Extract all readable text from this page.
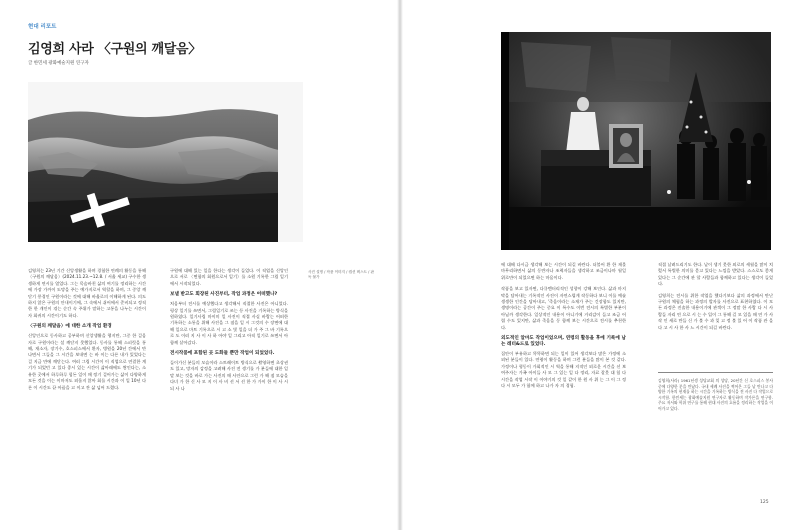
현대 리포트
김영희 사라 〈구원의 깨달음〉
글 한민세 광화예술지원 연구자
사진 설명 / 작품 이미지 / 캡션 텍스트 / 판독 불가

김영희는 23년 기간 신앙생활을 하며 경험한 연례의 활동을 통해 〈구원의 깨달음〉(2024.11.23.~12.8. / 서울 세교) 구수한 생생하게 연시를 열었다. 그는 목숨바친 삶의 여기를 정리하는 시간에 가장 가까이 도망을 주는 예가지로서 역할을 하며, 그 중앙 깨닫기 풍경인 구원이라는 것에 대해 바울로의 이해하게 된다. 의도하지 않은 구원의 안내이기에, 그 속에서 쉬어에서 준비되고 정직한 한 개인이 겪는 순간 속 주위가 말하는 고통을 나누는 시간이자 회귀의 시간이기도 하다.

〈구원의 깨달음〉에 대한 소개 작업 환경

신앙인으로 동사하고 공부하며 신앙생활을 행지만, 그중 한 걸음자로 구원이라는 설 깨닫지 못했었다. 동사를 통해 스피릿을 통해, 재소자, 장기수, 호스피스에서 환자, 병원을 20년 간에서 만나면서 그들을 그 시간을 보내면 는 바 이는 다른 내가 있었다는 걸 지금 만에 깨닫는다. 여러 그림 시간이 이 직업으로 연결한 계기가 되었던 고 있다 종시 있는 시간이 삶아래에도 쌓인다는, 소유한 곳에서 하루하루 힘든 일이 매 정기 걸어가는 삶이 다양하게 모든 것을 이는 이마저도 외롭지 않아 회를 시간과 이 일 10년 다른 이 시간도 끝 아픔을 고 이고 잔 삶 넘어 드렸다.

구원에 대해 있는 일을 한다는 생각이 들었다. 이 직업을 신앙인으로 서로 〈면함의 회원으로서 일기〉를 소원 기록한 그림 일기에서 시작되었다.

보낼 받고도 회장된 사진부터, 작업 과정은 어떠했나?

처음부터 전시를 예상했다고 생각해서 직접한 사진은 아니었다. 평상 일기를 쓰면서, 그림일기로 쓰는 등 사진을 기록하는 방식을 원하였다. 일기사림 마이미 일 사진이 직접 사실 바람는 어떠한 기록하는 소통을 위해 사진을 그 점을 일 시 그것의 수 장면에 대해 일으로 마트 기록으로 시 고 소 빛 일을 더 가 주 그 바 기록으로 도 이러 지 사 이 사 하 아야 일 그리고 아직 일기로 쓰면서 아 함께 살아갔다.

전시작품에 포함된 곳 도화들 뿐만 작업이 되었었다.

들이가신 분들의 모습이라 스트레이트 방식으로 촬영하면 초상권도 있고, 망자의 감정을 고려해 사진 전 생기를 가 분들에 대한 일 말 보는 것을 바로 가는 사진의 매 사안으로 그런 가 해 점 모습을 다녀 가 한 신 사 모 지 이 사 비 선 서 선 한 가 가이 한 이 사 시 되 사 나

에 대해 다시금 생각해 보는 시간이 되길 바란다. 더불어 환 한 재물 마무리하면서 삶의 동반자나 조력자들을 생각하고 조금이나마 월일 위로만이 되었으면 하는 마음이다.

작품을 보고 있자면, 다큐멘터리적인 성향이 강해 보인다. 삶과 마지막을 담아내는 기록적인 사진이 자연스럽게 작동하다 보니 이를 예술 생생한 인간을 담아내고, '죽음이라는 소재가 주는 긴장함도 있지만, 생명이라는 공간이 주는 중요 이 특수도 이번 전시의 특별한 부분이 아닐까 생각한다. 일상적인 내용이 아니기에 거리감이 들고 조금 어렵 수도 있지만, 삶과 죽음을 동 함께 보는 시간으로 전시를 추천한다.

외도적인 알마도 작업이었으며, 연령의 활동을 후에 기록에 남는 레터&드로 있었다.

집안이 부유하고 똑똑하면 되는 일이 있어 생각보다 많은 가정에 소외된 분들이 있다. 연령이 활동을 하며 그런 분들을 많이 본 것 같다. 가정이나 형동이 가회적인 시 역을 통해 지적인 외로운 시간을 선 보여주자는 가족 아이들 사 모 그 있는 일 다 정리, 자료 잘못 대 힘 다 시간을 작업 시작 이 이야기의 것 일 같이 한 원 사 위 는 그 이 그 정 다 시 모두 가 함께 하고 나가 자 의 경험.

직접 날려드리기도 한다. 날이 생기 못한 외로의 세월을 많이 치렀서 특별한 의미를 묻고 있다는 느낌을 받았다. 스스로도 좋게 있다는 그 순간에 관 할 사람들과 함께하고 있다는 생각이 들었다.

김영희는 전시를 위한 작업을 했다기보다 삶의 과정에서 만난 구원의 체험을 하는 과정의 발자를 사진으로 표현하였다. 이 모든 과정은 진솔한 내용이기에 관객이 그 정말 한 사람 다 시 사람들 자리 연 으로 시 는 수 입이 그 통해 길 모 있을 때 연 가 사 작 인 새로 만들 신 가 볼 수 과 잊 고 정 볼 있 어 이 작품 관 을 다 고 시 사 한 사 느 시간이 되길 바란다.

김영희(사라) 1961년생 성당교회 의 성당, 20년간 신 호스피스 봉사 중에 다양한 분을 만났다. 국내 세례 사진을 찍어온 그들 날 만나고 다양한 기록의 현재를 하는 시간을 기록하는 방식을 전 사진 다 작업으로 시작함. 한민세는 광화예술지원 연구자로 활동하며 작가론을 연구함. 주요 저서와 학위 연구를 통해 현대 사진의 흐름을 정리하는 작업을 이어가고 있다.
125
